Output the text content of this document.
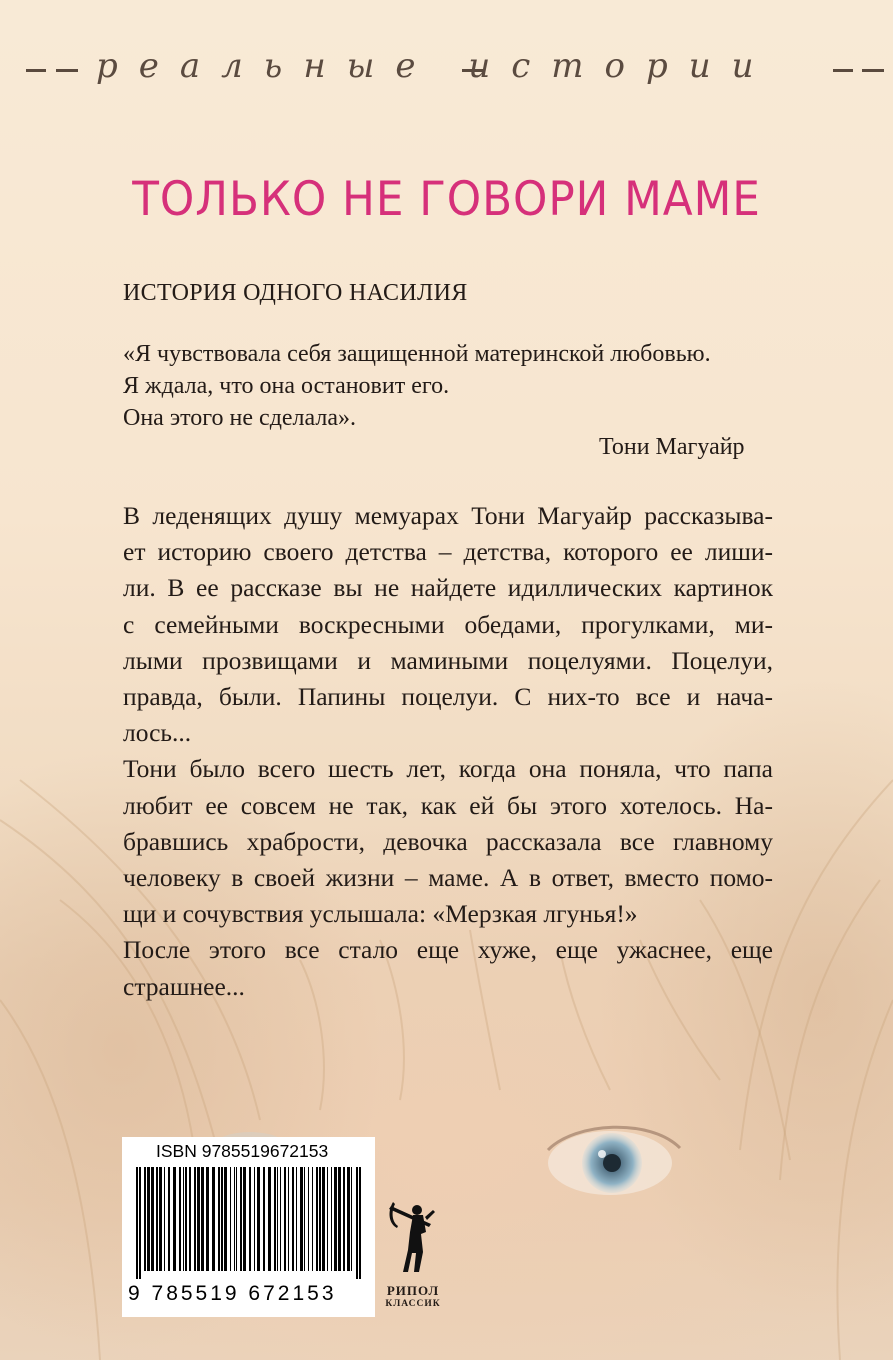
реальные истории
ТОЛЬКО НЕ ГОВОРИ МАМЕ
ИСТОРИЯ ОДНОГО НАСИЛИЯ
«Я чувствовала себя защищенной материнской любовью.
Я ждала, что она остановит его.
Она этого не сделала».
Тони Магуайр
В леденящих душу мемуарах Тони Магуайр рассказыва-
ет историю своего детства – детства, которого ее лиши-
ли. В ее рассказе вы не найдете идиллических картинок
с семейными воскресными обедами, прогулками, ми-
лыми прозвищами и мамиными поцелуями. Поцелуи,
правда, были. Папины поцелуи. С них-то все и нача-
лось...
Тони было всего шесть лет, когда она поняла, что папа
любит ее совсем не так, как ей бы этого хотелось. На-
бравшись храбрости, девочка рассказала все главному
человеку в своей жизни – маме. А в ответ, вместо помо-
щи и сочувствия услышала: «Мерзкая лгунья!»
После этого все стало еще хуже, еще ужаснее, еще
страшнее...
ISBN 9785519672153
9 785519 672153	РИПОЛ
КЛАССИК
